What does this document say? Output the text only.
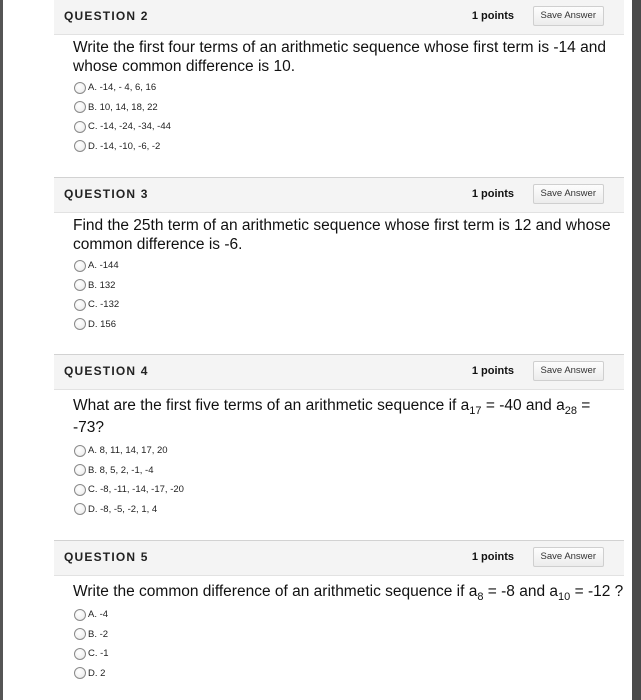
QUESTION 2	1 points	Save Answer

Write the first four terms of an arithmetic sequence whose first term is -14 and whose common difference is 10.

A. -14, - 4, 6, 16
B. 10, 14, 18, 22
C. -14, -24, -34, -44
D. -14, -10, -6, -2
QUESTION 3	1 points	Save Answer

Find the 25th term of an arithmetic sequence whose first term is 12 and whose common difference is -6.

A. -144
B. 132
C. -132
D. 156
QUESTION 4	1 points	Save Answer

What are the first five terms of an arithmetic sequence if $a_{17} = -40$ and $a_{28} = -73$?

A. 8, 11, 14, 17, 20
B. 8, 5, 2, -1, -4
C. -8, -11, -14, -17, -20
D. -8, -5, -2, 1, 4
QUESTION 5	1 points	Save Answer

Write the common difference of an arithmetic sequence if $a_8 = -8$ and $a_{10} = -12$ ?

A. -4
B. -2
C. -1
D. 2
